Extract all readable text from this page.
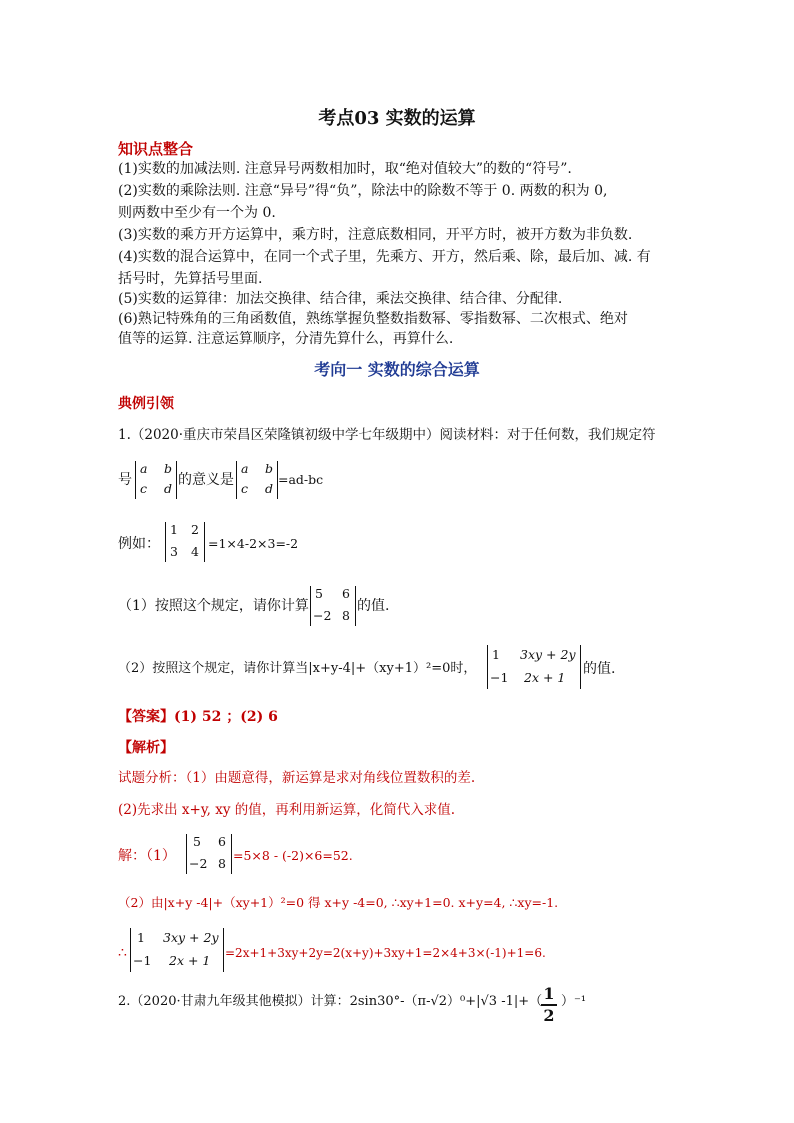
考点03 实数的运算
知识点整合
(1)实数的加减法则. 注意异号两数相加时，取“绝对值较大”的数的“符号”.
(2)实数的乘除法则. 注意“异号”得“负”，除法中的除数不等于 0. 两数的积为 0,
则两数中至少有一个为 0.
(3)实数的乘方开方运算中，乘方时，注意底数相同，开平方时，被开方数为非负数.
(4)实数的混合运算中，在同一个式子里，先乘方、开方，然后乘、除，最后加、减. 有
括号时，先算括号里面.
(5)实数的运算律：加法交换律、结合律，乘法交换律、结合律、分配律.
(6)熟记特殊角的三角函数值，熟练掌握负整数指数幂、零指数幂、二次根式、绝对
值等的运算. 注意运算顺序，分清先算什么，再算什么.
考向一 实数的综合运算
典例引领
1.（2020·重庆市荣昌区荣隆镇初级中学七年级期中）阅读材料：对于任何数，我们规定符
号
a b
c d
的意义是
a b
c d
=ad-bc
例如：
1 2
3 4
=1×4-2×3=-2
（1）按照这个规定，请你计算
5 6
−2 8
的值.
（2）按照这个规定，请你计算当|x+y-4|+（xy+1）²=0时，
1 3xy + 2y
−1 2x + 1
的值.
【答案】(1) 52 ；(2) 6
【解析】
试题分析：（1）由题意得，新运算是求对角线位置数积的差.
(2)先求出 x+y, xy 的值，再利用新运算，化简代入求值.
解：（1）
5 6
−2 8
=5×8 - (-2)×6=52.
（2）由|x+y -4|+（xy+1）²=0 得 x+y -4=0, ∴xy+1=0. x+y=4, ∴xy=-1.
∴
1 3xy + 2y
−1 2x + 1 =2x+1+3xy+2y=2(x+y)+3xy+1=2×4+3×(-1)+1=6.
2.（2020·甘肃九年级其他模拟）计算：2sin30°-（π-√2）⁰+|√3 -1|+（
$\frac{1}{2} )^{-1}$
